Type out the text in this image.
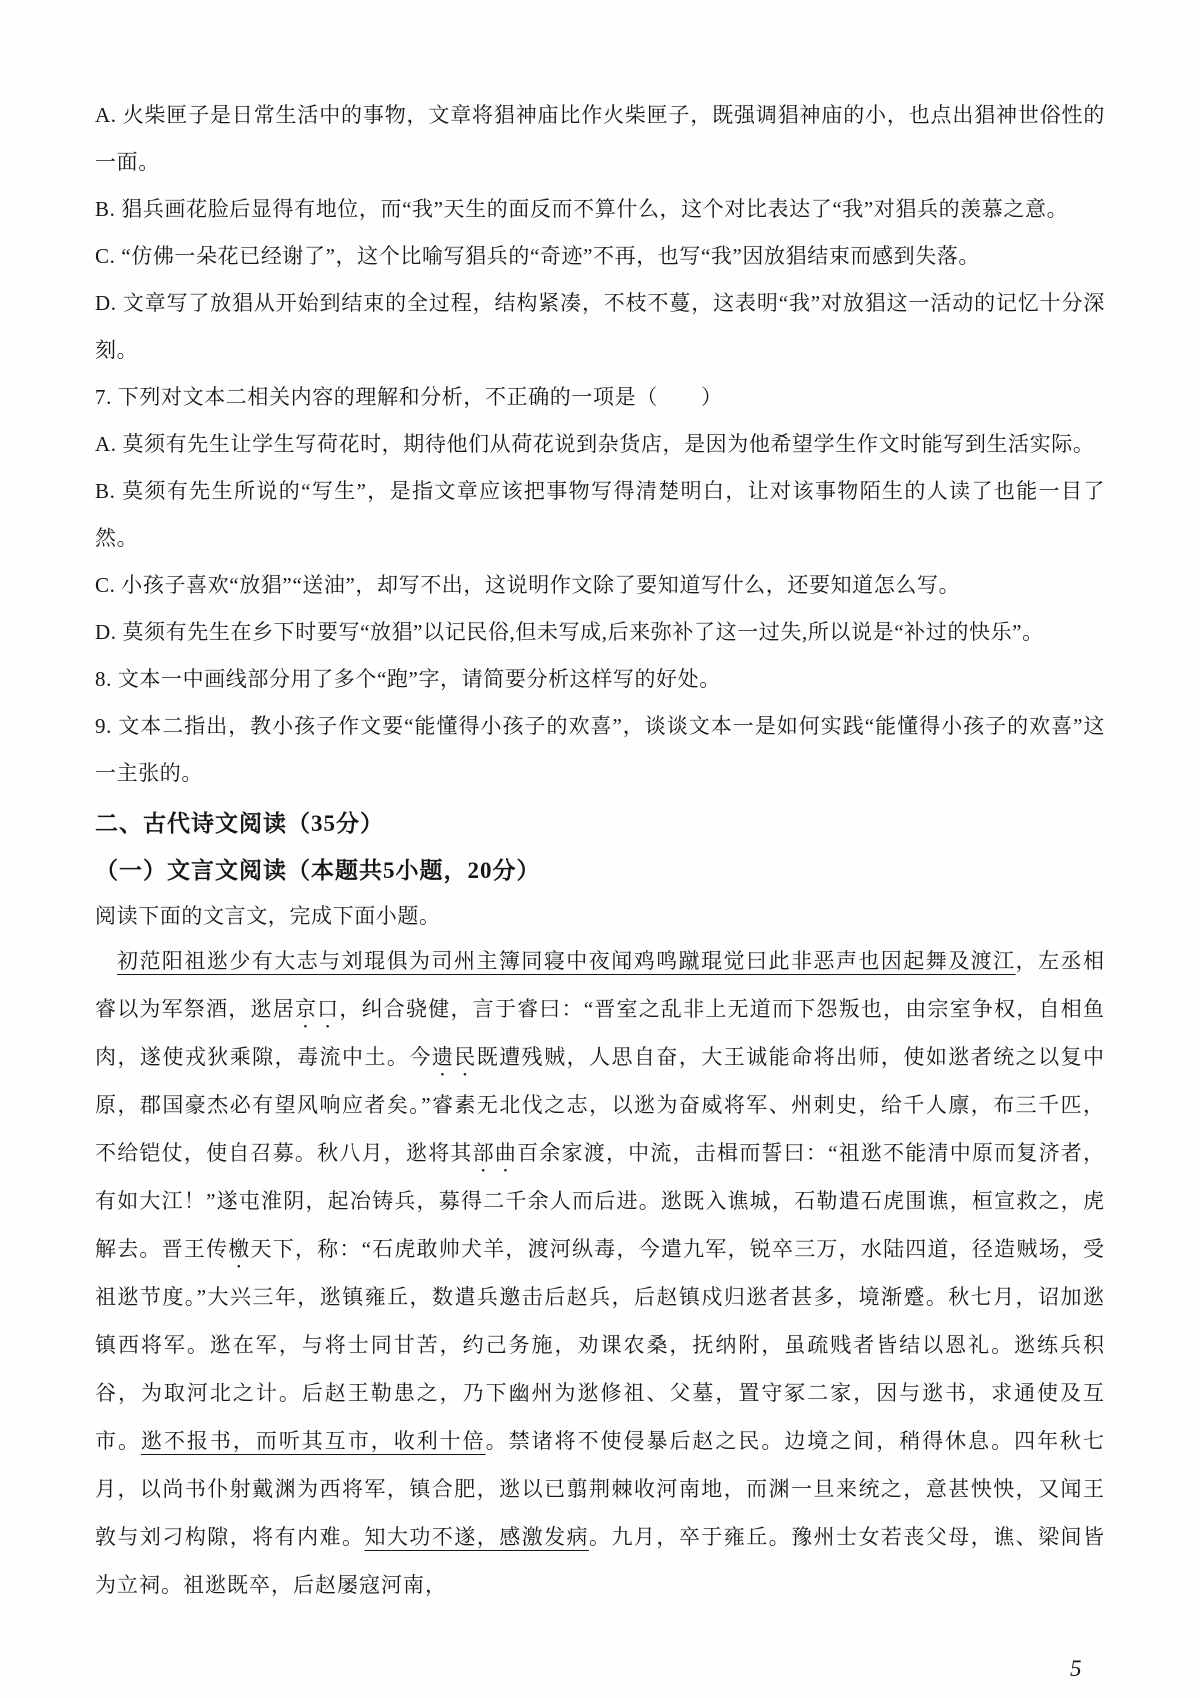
A. 火柴匣子是日常生活中的事物，文章将猖神庙比作火柴匣子，既强调猖神庙的小，也点出猖神世俗性的一面。

B. 猖兵画花脸后显得有地位，而“我”天生的面反而不算什么，这个对比表达了“我”对猖兵的羡慕之意。

C. “仿佛一朵花已经谢了”，这个比喻写猖兵的“奇迹”不再，也写“我”因放猖结束而感到失落。

D. 文章写了放猖从开始到结束的全过程，结构紧凑，不枝不蔓，这表明“我”对放猖这一活动的记忆十分深刻。

7. 下列对文本二相关内容的理解和分析，不正确的一项是（　　）

A. 莫须有先生让学生写荷花时，期待他们从荷花说到杂货店，是因为他希望学生作文时能写到生活实际。

B. 莫须有先生所说的“写生”，是指文章应该把事物写得清楚明白，让对该事物陌生的人读了也能一目了然。

C. 小孩子喜欢“放猖”“送油”，却写不出，这说明作文除了要知道写什么，还要知道怎么写。

D. 莫须有先生在乡下时要写“放猖”以记民俗,但未写成,后来弥补了这一过失,所以说是“补过的快乐”。

8. 文本一中画线部分用了多个“跑”字，请简要分析这样写的好处。

9. 文本二指出，教小孩子作文要“能懂得小孩子的欢喜”，谈谈文本一是如何实践“能懂得小孩子的欢喜”这一主张的。

二、古代诗文阅读（35分）
（一）文言文阅读（本题共5小题，20分）

阅读下面的文言文，完成下面小题。

初范阳祖逖少有大志与刘琨俱为司州主簿同寝中夜闻鸡鸣蹴琨觉曰此非恶声也因起舞及渡江，左丞相睿以为军祭酒，逖居京口，纠合骁健，言于睿曰：“晋室之乱非上无道而下怨叛也，由宗室争权，自相鱼肉，遂使戎狄乘隙，毒流中土。今遗民既遭残贼，人思自奋，大王诚能命将出师，使如逖者统之以复中原，郡国豪杰必有望风响应者矣。”睿素无北伐之志，以逖为奋威将军、州刺史，给千人廪，布三千匹，不给铠仗，使自召募。秋八月，逖将其部曲百余家渡，中流，击楫而誓曰：“祖逖不能清中原而复济者，有如大江！”遂屯淮阴，起冶铸兵，募得二千余人而后进。逖既入谯城，石勒遣石虎围谯，桓宣救之，虎解去。晋王传檄天下，称：“石虎敢帅犬羊，渡河纵毒，今遣九军，锐卒三万，水陆四道，径造贼场，受祖逖节度。”大兴三年，逖镇雍丘，数遣兵邀击后赵兵，后赵镇戍归逖者甚多，境渐蹙。秋七月，诏加逖镇西将军。逖在军，与将士同甘苦，约己务施，劝课农桑，抚纳附，虽疏贱者皆结以恩礼。逖练兵积谷，为取河北之计。后赵王勒患之，乃下幽州为逖修祖、父墓，置守冢二家，因与逖书，求通使及互市。逖不报书，而听其互市，收利十倍。禁诸将不使侵暴后赵之民。边境之间，稍得休息。四年秋七月，以尚书仆射戴渊为西将军，镇合肥，逖以已翦荆棘收河南地，而渊一旦来统之，意甚怏怏，又闻王敦与刘刁构隙，将有内难。知大功不遂，感激发病。九月，卒于雍丘。豫州士女若丧父母，谯、梁间皆为立祠。祖逖既卒，后赵屡寇河南，

5
